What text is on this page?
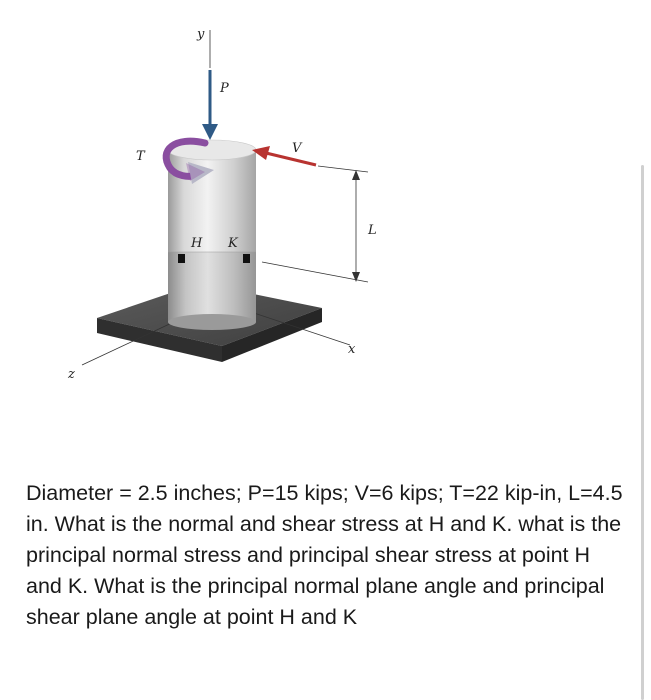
y
P
T
V
L
H K
x
z
Diameter = 2.5 inches; P=15 kips; V=6 kips; T=22 kip-in, L=4.5 in. What is the normal and shear stress at H and K. what is the principal normal stress and principal shear stress at point H and K. What is the principal normal plane angle and principal shear plane angle at point H and K
